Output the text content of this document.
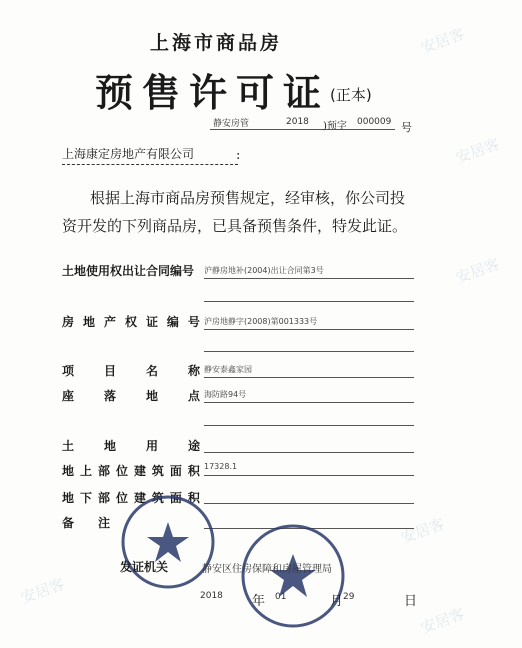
安居客
安居客
安居客
安居客
安居客
安居客
上海市商品房
预售许可证 (正本)
静安房管	2018 )预字 000009 号
上海康定房地产有限公司	:
根据上海市商品房预售规定，经审核，你公司投资开发的下列商品房，已具备预售条件，特发此证。
土地使用权出让合同编号 沪静房地补(2004)出让合同第3号
房 地 产 权 证 编 号 沪房地静字(2008)第001333号
项 目 名 称 静安泰鑫家园
座 落 地 点 海防路94号
土 地 用 途
地 上 部 位 建 筑 面 积 17328.1
地 下 部 位 建 筑 面 积
备 注
发证机关	静安区住房保障和房屋管理局
2018 年 01	月 29	日
